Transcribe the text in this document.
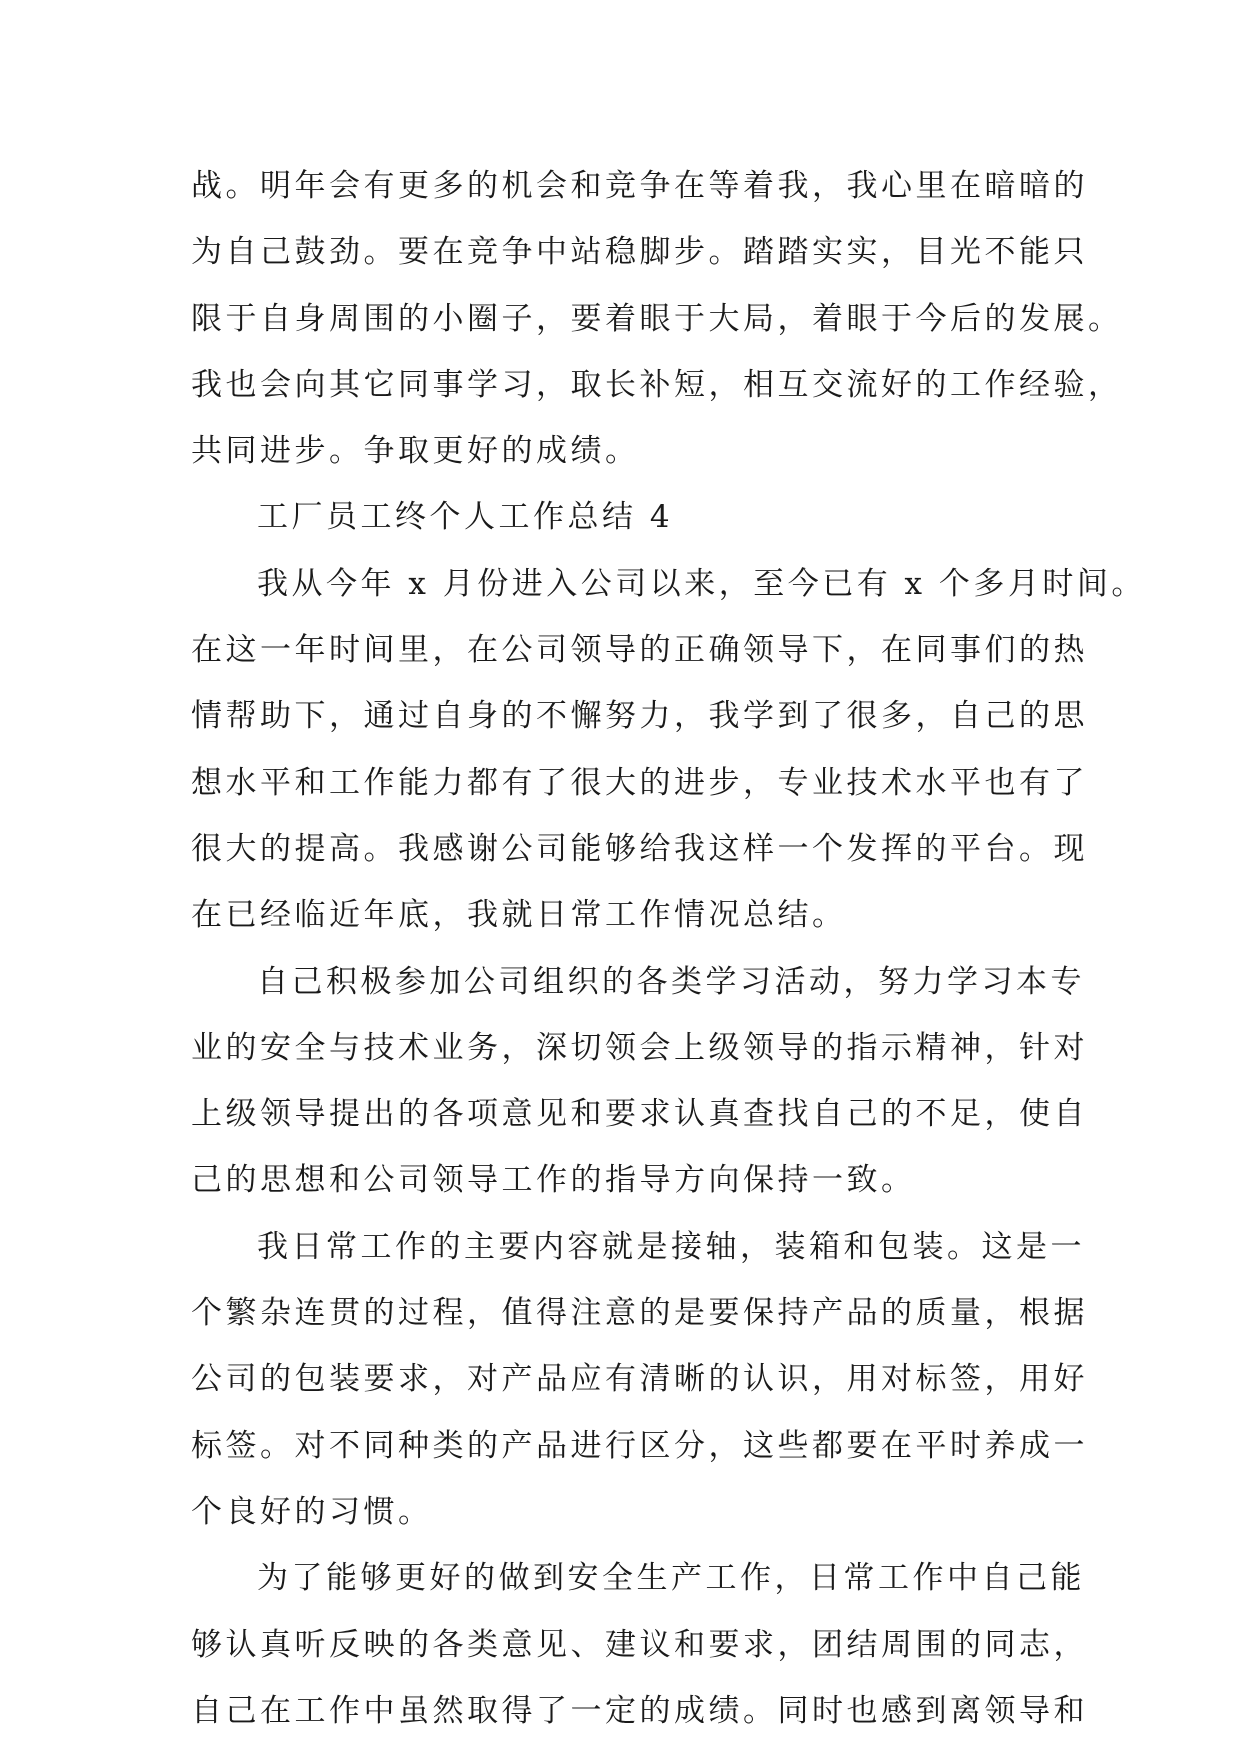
战。明年会有更多的机会和竞争在等着我，我心里在暗暗的
为自己鼓劲。要在竞争中站稳脚步。踏踏实实，目光不能只
限于自身周围的小圈子，要着眼于大局，着眼于今后的发展。
我也会向其它同事学习，取长补短，相互交流好的工作经验，
共同进步。争取更好的成绩。
工厂员工终个人工作总结 4
我从今年 x 月份进入公司以来，至今已有 x 个多月时间。
在这一年时间里，在公司领导的正确领导下，在同事们的热
情帮助下，通过自身的不懈努力，我学到了很多，自己的思
想水平和工作能力都有了很大的进步，专业技术水平也有了
很大的提高。我感谢公司能够给我这样一个发挥的平台。现
在已经临近年底，我就日常工作情况总结。
自己积极参加公司组织的各类学习活动，努力学习本专
业的安全与技术业务，深切领会上级领导的指示精神，针对
上级领导提出的各项意见和要求认真查找自己的不足，使自
己的思想和公司领导工作的指导方向保持一致。
我日常工作的主要内容就是接轴，装箱和包装。这是一
个繁杂连贯的过程，值得注意的是要保持产品的质量，根据
公司的包装要求，对产品应有清晰的认识，用对标签，用好
标签。对不同种类的产品进行区分，这些都要在平时养成一
个良好的习惯。
为了能够更好的做到安全生产工作，日常工作中自己能
够认真听反映的各类意见、建议和要求，团结周围的同志，
自己在工作中虽然取得了一定的成绩。同时也感到离领导和
